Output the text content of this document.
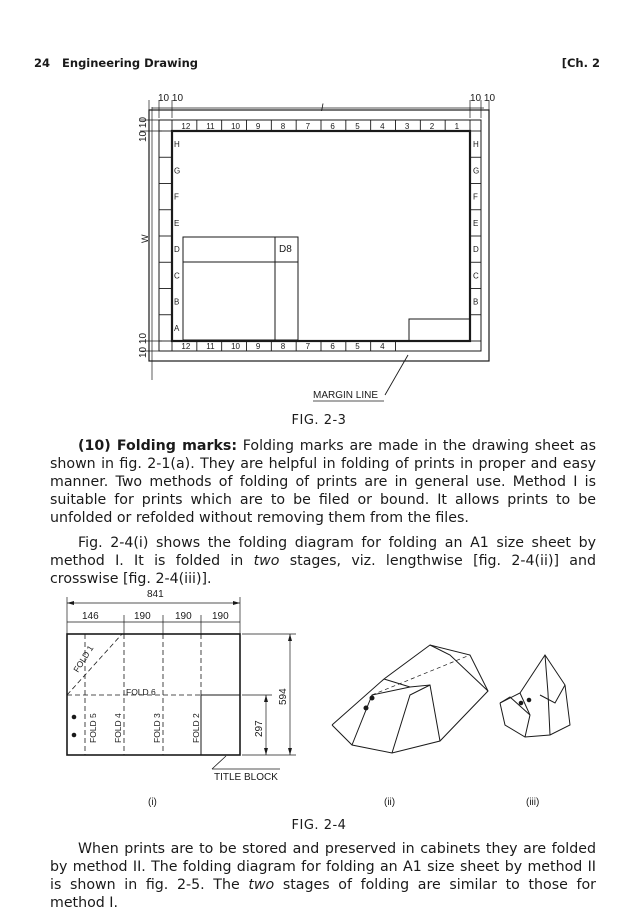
24 Engineering Drawing	[Ch. 2
12 11 10 9	8	7	6	5	4	3	2	1
12 11 10 9	8	7	6	5	4
H	H
G	G
F	F
E	E
D	D
C	C
B	B
A
10 10	10 10
l
W
10 10
10 10
D8
MARGIN LINE
FIG. 2-3

(10) Folding marks: Folding marks are made in the drawing sheet as shown in fig. 2-1(a). They are helpful in folding of prints in proper and easy manner. Two methods of folding of prints are in general use. Method I is suitable for prints which are to be filed or bound. It allows prints to be unfolded or refolded without removing them from the files.

Fig. 2-4(i) shows the folding diagram for folding an A1 size sheet by method I. It is folded in two stages, viz. lengthwise [fig. 2-4(ii)] and crosswise [fig. 2-4(iii)].

841
146	190 190 190
594
297
FOLD 6
FOLD 1
FOLD 5 FOLD 4	FOLD 3	FOLD 2
TITLE BLOCK
(i)	(ii)	(iii)
FIG. 2-4

When prints are to be stored and preserved in cabinets they are folded by method II. The folding diagram for folding an A1 size sheet by method II is shown in fig. 2-5. The two stages of folding are similar to those for method I.
